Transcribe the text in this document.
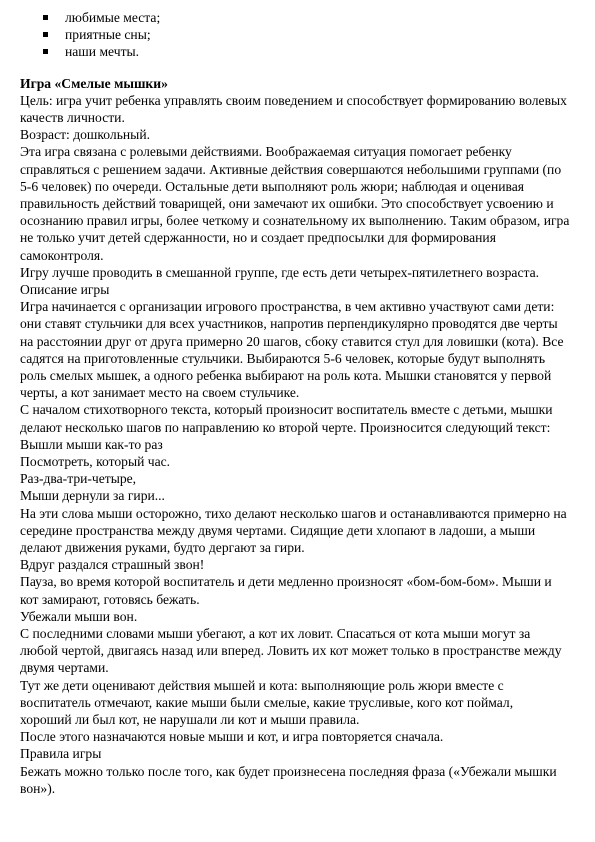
любимые места;
приятные сны;
наши мечты.
Игра «Смелые мышки»

Цель: игра учит ребенка управлять своим поведением и способствует формированию волевых
качеств личности.

Возраст: дошкольный.

Эта игра связана с ролевыми действиями. Воображаемая ситуация помогает ребенку
справляться с решением задачи. Активные действия совершаются небольшими группами (по
5-6 человек) по очереди. Остальные дети выполняют роль жюри; наблюдая и оценивая
правильность действий товарищей, они замечают их ошибки. Это способствует усвоению и
осознанию правил игры, более четкому и сознательному их выполнению. Таким образом, игра
не только учит детей сдержанности, но и создает предпосылки для формирования
самоконтроля.

Игру лучше проводить в смешанной группе, где есть дети четырех-пятилетнего возраста.

Описание игры

Игра начинается с организации игрового пространства, в чем активно участвуют сами дети:
они ставят стульчики для всех участников, напротив перпендикулярно проводятся две черты
на расстоянии друг от друга примерно 20 шагов, сбоку ставится стул для ловишки (кота). Все
садятся на приготовленные стульчики. Выбираются 5-6 человек, которые будут выполнять
роль смелых мышек, а одного ребенка выбирают на роль кота. Мышки становятся у первой
черты, а кот занимает место на своем стульчике.

С началом стихотворного текста, который произносит воспитатель вместе с детьми, мышки
делают несколько шагов по направлению ко второй черте. Произносится следующий текст:

Вышли мыши как-то раз

Посмотреть, который час.

Раз-два-три-четыре,

Мыши дернули за гири...

На эти слова мыши осторожно, тихо делают несколько шагов и останавливаются примерно на
середине пространства между двумя чертами. Сидящие дети хлопают в ладоши, а мыши
делают движения руками, будто дергают за гири.

Вдруг раздался страшный звон!

Пауза, во время которой воспитатель и дети медленно произносят «бом-бом-бом». Мыши и
кот замирают, готовясь бежать.

Убежали мыши вон.

С последними словами мыши убегают, а кот их ловит. Спасаться от кота мыши могут за
любой чертой, двигаясь назад или вперед. Ловить их кот может только в пространстве между
двумя чертами.

Тут же дети оценивают действия мышей и кота: выполняющие роль жюри вместе с
воспитатель отмечают, какие мыши были смелые, какие трусливые, кого кот поймал,
хороший ли был кот, не нарушали ли кот и мыши правила.

После этого назначаются новые мыши и кот, и игра повторяется сначала.

Правила игры

Бежать можно только после того, как будет произнесена последняя фраза («Убежали мышки
вон»).
